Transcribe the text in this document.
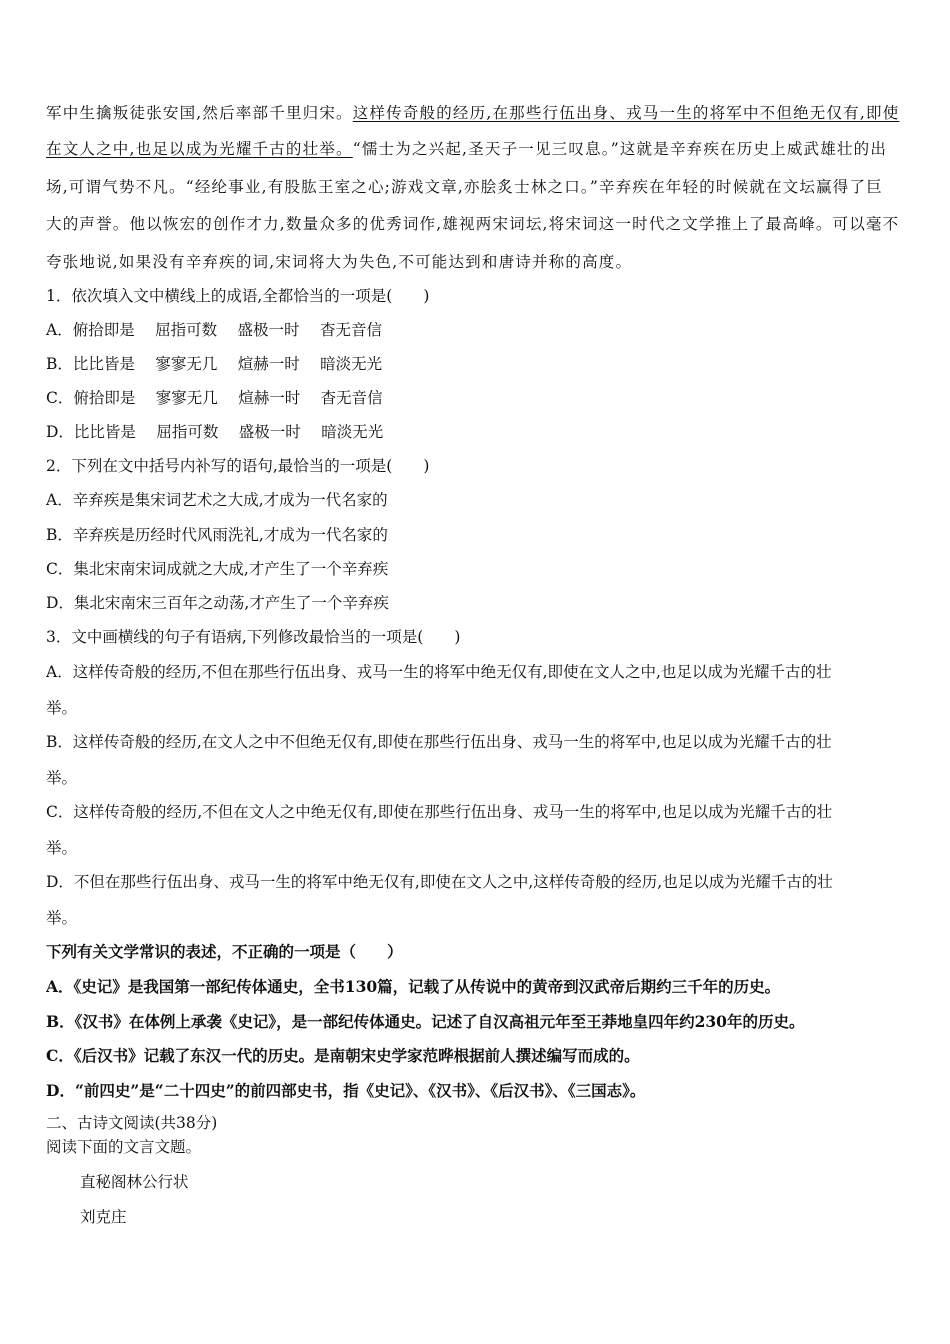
军中生擒叛徒张安国,然后率部千里归宋。这样传奇般的经历,在那些行伍出身、戎马一生的将军中不但绝无仅有,即使
在文人之中,也足以成为光耀千古的壮举。“懦士为之兴起,圣天子一见三叹息。”这就是辛弃疾在历史上威武雄壮的出
场,可谓气势不凡。“经纶事业,有股肱王室之心;游戏文章,亦脍炙士林之口。”辛弃疾在年轻的时候就在文坛赢得了巨
大的声誉。他以恢宏的创作才力,数量众多的优秀词作,雄视两宋词坛,将宋词这一时代之文学推上了最高峰。可以毫不
夸张地说,如果没有辛弃疾的词,宋词将大为失色,不可能达到和唐诗并称的高度。
1．依次填入文中横线上的成语,全都恰当的一项是(　　)
A．俯拾即是　 屈指可数　 盛极一时　 杳无音信
B．比比皆是　 寥寥无几　 煊赫一时　 暗淡无光
C．俯拾即是　 寥寥无几　 煊赫一时　 杳无音信
D．比比皆是　 屈指可数　 盛极一时　 暗淡无光
2．下列在文中括号内补写的语句,最恰当的一项是(　　)
A．辛弃疾是集宋词艺术之大成,才成为一代名家的
B．辛弃疾是历经时代风雨洗礼,才成为一代名家的
C．集北宋南宋词成就之大成,才产生了一个辛弃疾
D．集北宋南宋三百年之动荡,才产生了一个辛弃疾
3．文中画横线的句子有语病,下列修改最恰当的一项是(　　)
A．这样传奇般的经历,不但在那些行伍出身、戎马一生的将军中绝无仅有,即使在文人之中,也足以成为光耀千古的壮
举。
B．这样传奇般的经历,在文人之中不但绝无仅有,即使在那些行伍出身、戎马一生的将军中,也足以成为光耀千古的壮
举。
C．这样传奇般的经历,不但在文人之中绝无仅有,即使在那些行伍出身、戎马一生的将军中,也足以成为光耀千古的壮
举。
D．不但在那些行伍出身、戎马一生的将军中绝无仅有,即使在文人之中,这样传奇般的经历,也足以成为光耀千古的壮
举。
下列有关文学常识的表述，不正确的一项是（　　）
A．《史记》是我国第一部纪传体通史，全书130篇，记载了从传说中的黄帝到汉武帝后期约三千年的历史。
B．《汉书》在体例上承袭《史记》，是一部纪传体通史。记述了自汉高祖元年至王莽地皇四年约230年的历史。
C．《后汉书》记载了东汉一代的历史。是南朝宋史学家范晔根据前人撰述编写而成的。
D．“前四史”是“二十四史”的前四部史书，指《史记》、《汉书》、《后汉书》、《三国志》。
二、古诗文阅读(共38分)
阅读下面的文言文题。
直秘阁林公行状
刘克庄
